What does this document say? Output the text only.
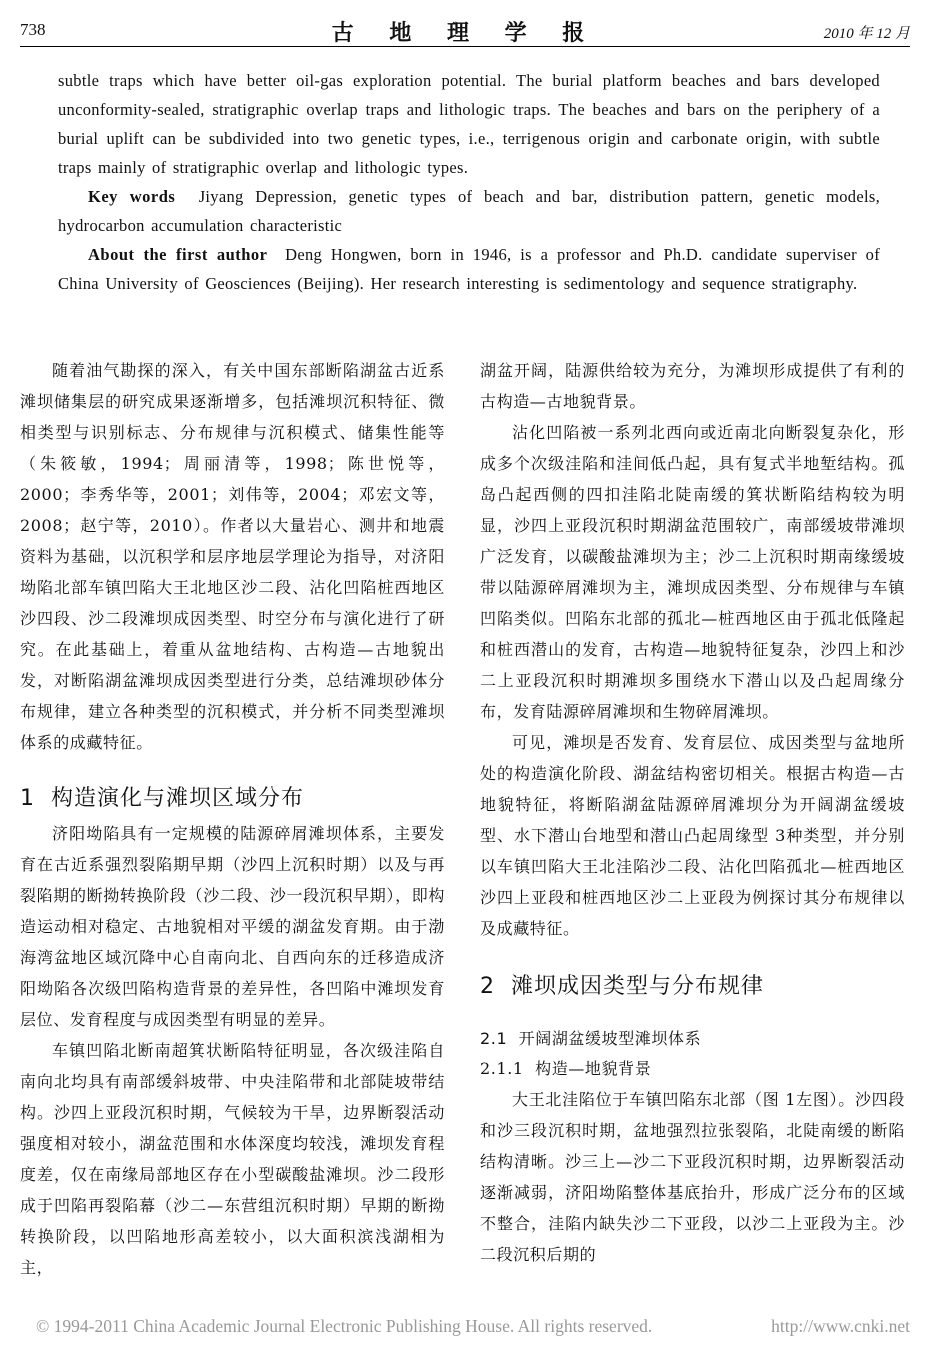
738	古 地 理 学 报	2010 年 12 月

subtle traps which have better oil-gas exploration potential. The burial platform beaches and bars developed unconformity-sealed, stratigraphic overlap traps and lithologic traps. The beaches and bars on the periphery of a burial uplift can be subdivided into two genetic types, i.e., terrigenous origin and carbonate origin, with subtle traps mainly of stratigraphic overlap and lithologic types.

Key words Jiyang Depression, genetic types of beach and bar, distribution pattern, genetic models, hydrocarbon accumulation characteristic

About the first author Deng Hongwen, born in 1946, is a professor and Ph.D. candidate superviser of China University of Geosciences (Beijing). Her research interesting is sedimentology and sequence stratigraphy.

随着油气勘探的深入，有关中国东部断陷湖盆古近系滩坝储集层的研究成果逐渐增多，包括滩坝沉积特征、微相类型与识别标志、分布规律与沉积模式、储集性能等（朱筱敏，1994；周丽清等，1998；陈世悦等，2000；李秀华等，2001；刘伟等，2004；邓宏文等，2008；赵宁等，2010）。作者以大量岩心、测井和地震资料为基础，以沉积学和层序地层学理论为指导，对济阳坳陷北部车镇凹陷大王北地区沙二段、沾化凹陷桩西地区沙四段、沙二段滩坝成因类型、时空分布与演化进行了研究。在此基础上，着重从盆地结构、古构造—古地貌出发，对断陷湖盆滩坝成因类型进行分类，总结滩坝砂体分布规律，建立各种类型的沉积模式，并分析不同类型滩坝体系的成藏特征。

1 构造演化与滩坝区域分布

济阳坳陷具有一定规模的陆源碎屑滩坝体系，主要发育在古近系强烈裂陷期早期（沙四上沉积时期）以及与再裂陷期的断拗转换阶段（沙二段、沙一段沉积早期），即构造运动相对稳定、古地貌相对平缓的湖盆发育期。由于渤海湾盆地区域沉降中心自南向北、自西向东的迁移造成济阳坳陷各次级凹陷构造背景的差异性，各凹陷中滩坝发育层位、发育程度与成因类型有明显的差异。

车镇凹陷北断南超箕状断陷特征明显，各次级洼陷自南向北均具有南部缓斜坡带、中央洼陷带和北部陡坡带结构。沙四上亚段沉积时期，气候较为干旱，边界断裂活动强度相对较小，湖盆范围和水体深度均较浅，滩坝发育程度差，仅在南缘局部地区存在小型碳酸盐滩坝。沙二段形成于凹陷再裂陷幕（沙二—东营组沉积时期）早期的断拗转换阶段，以凹陷地形高差较小，以大面积滨浅湖相为主，

湖盆开阔，陆源供给较为充分，为滩坝形成提供了有利的古构造—古地貌背景。

沾化凹陷被一系列北西向或近南北向断裂复杂化，形成多个次级洼陷和洼间低凸起，具有复式半地堑结构。孤岛凸起西侧的四扣洼陷北陡南缓的箕状断陷结构较为明显，沙四上亚段沉积时期湖盆范围较广，南部缓坡带滩坝广泛发育，以碳酸盐滩坝为主；沙二上沉积时期南缘缓坡带以陆源碎屑滩坝为主，滩坝成因类型、分布规律与车镇凹陷类似。凹陷东北部的孤北—桩西地区由于孤北低隆起和桩西潜山的发育，古构造—地貌特征复杂，沙四上和沙二上亚段沉积时期滩坝多围绕水下潜山以及凸起周缘分布，发育陆源碎屑滩坝和生物碎屑滩坝。

可见，滩坝是否发育、发育层位、成因类型与盆地所处的构造演化阶段、湖盆结构密切相关。根据古构造—古地貌特征，将断陷湖盆陆源碎屑滩坝分为开阔湖盆缓坡型、水下潜山台地型和潜山凸起周缘型 3种类型，并分别以车镇凹陷大王北洼陷沙二段、沾化凹陷孤北—桩西地区沙四上亚段和桩西地区沙二上亚段为例探讨其分布规律以及成藏特征。

2 滩坝成因类型与分布规律
2.1 开阔湖盆缓坡型滩坝体系
2.1.1 构造—地貌背景

大王北洼陷位于车镇凹陷东北部（图 1左图）。沙四段和沙三段沉积时期，盆地强烈拉张裂陷，北陡南缓的断陷结构清晰。沙三上—沙二下亚段沉积时期，边界断裂活动逐渐减弱，济阳坳陷整体基底抬升，形成广泛分布的区域不整合，洼陷内缺失沙二下亚段，以沙二上亚段为主。沙二段沉积后期的

© 1994-2011 China Academic Journal Electronic Publishing House. All rights reserved.	http://www.cnki.net
